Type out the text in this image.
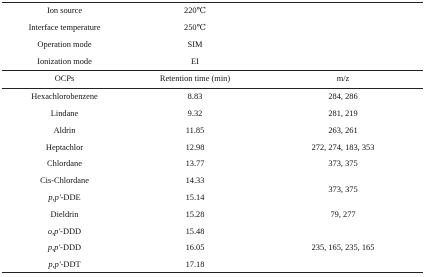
Ion source	220℃	
Interface temperature	250℃	
Operation mode	SIM	
Ionization mode	EI	
OCPs	Retention time (min)	m/z
Hexachlorobenzene	8.83	284, 286
Lindane	9.32	281, 219
Aldrin	11.85	263, 261
Heptachlor	12.98	272, 274, 183, 353
Chlordane	13.77	373, 375
Cis-Chlordane	14.33	373, 375
p,p'-DDE	15.14	
Dieldrin	15.28	79, 277
o,p'-DDD	15.48	235, 165, 235, 165
p,p'-DDD	16.05	
p,p'-DDT	17.18	
